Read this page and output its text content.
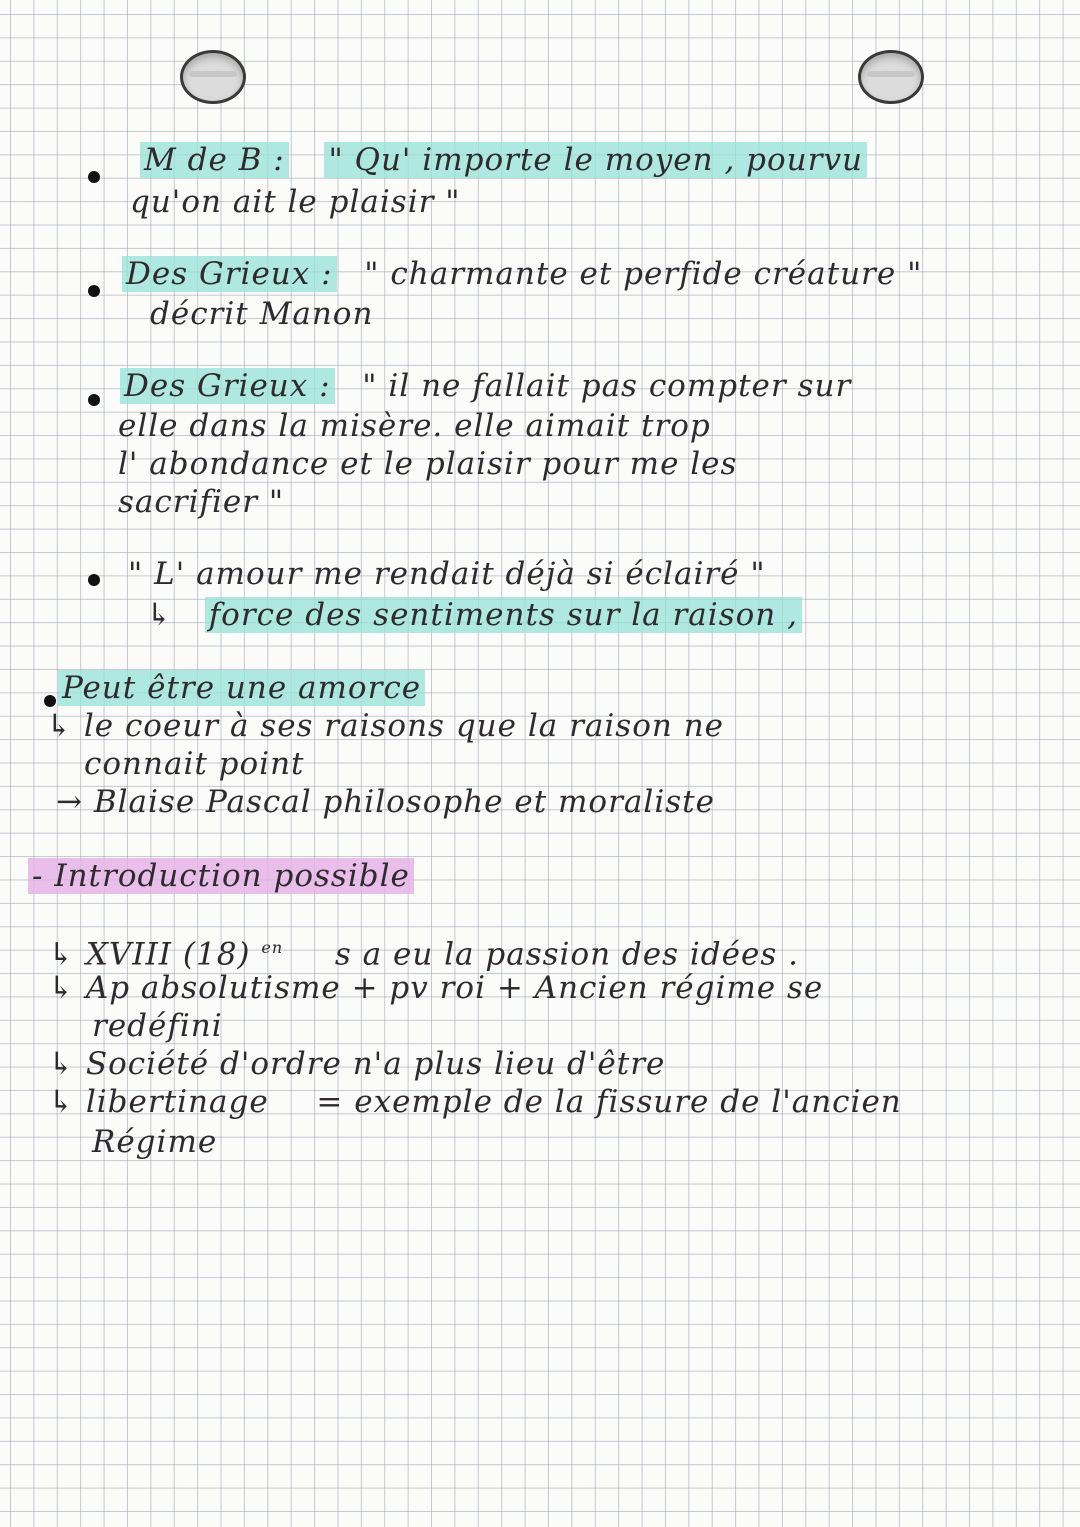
M de B : " Qu' importe le moyen , pourvu
qu'on ait le plaisir "
Des Grieux : " charmante et perfide créature "
décrit Manon
Des Grieux : " il ne fallait pas compter sur
elle dans la misère. elle aimait trop
l' abondance et le plaisir pour me les
sacrifier "
" L' amour me rendait déjà si éclairé "
↳ force des sentiments sur la raison ,
Peut être une amorce
↳ le coeur à ses raisons que la raison ne
connait point
→ Blaise Pascal philosophe et moraliste
- Introduction possible
↳ XVIII (18) $^{en}$ s a eu la passion des idées .
↳ Ap absolutisme + pv roi + Ancien régime se
redéfini
↳ Société d'ordre n'a plus lieu d'être
↳ libertinage = exemple de la fissure de l'ancien
Régime
